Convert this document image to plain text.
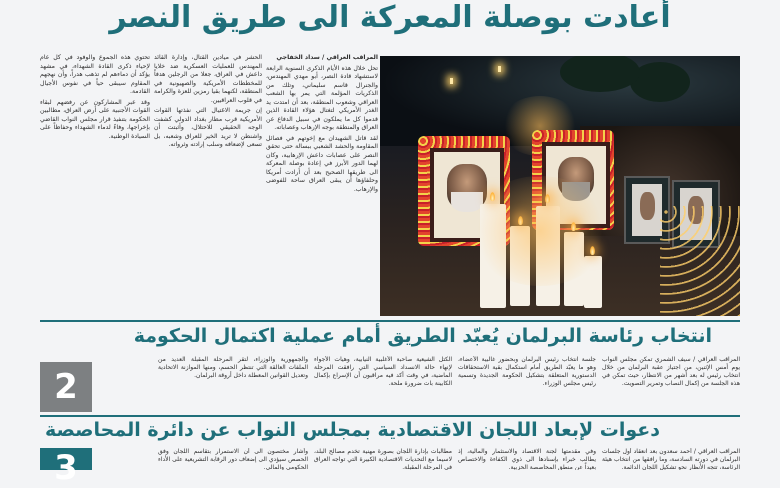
أعادت بوصلة المعركة الى طريق النصر

المراقب العراقي / سداد الخفاجي

تحل خلال هذه الأيام الذكرى السنوية الرابعة لاستشهاد قادة النصر، أبو مهدي المهندس، والجنرال قاسم سليماني، وتلك من الذكريات المؤلمة التي يمر بها الشعب العراقي وشعوب المنطقة، بعد أن امتدت يد الغدر الأمريكي لتغتال هؤلاء القادة الذين قدموا كل ما يملكون في سبيل الدفاع عن العراق والمنطقة بوجه الإرهاب وعصاباته.

لقد قاتل الشهيدان مع إخوتهم في فصائل المقاومة والحشد الشعبي ببسالة حتى تحقق النصر على عصابات داعش الإرهابية، وكان لهما الدور الأبرز في إعادة بوصلة المعركة الى طريقها الصحيح بعد أن أرادت أمريكا وحلفاؤها أن يبقى العراق ساحة للفوضى والإرهاب.

الحشر في ميادين القتال، وإدارة القائد المهندس للعمليات العسكرية ضد خلايا داعش في العراق، جعلا من الرجلين هدفاً للمخططات الأمريكية والصهيونية في المنطقة، لكنهما بقيا رمزين للعزة والكرامة في قلوب العراقيين.

إن جريمة الاغتيال التي نفذتها القوات الأمريكية قرب مطار بغداد الدولي كشفت الوجه الحقيقي للاحتلال، وأثبتت أن واشنطن لا تريد الخير للعراق وشعبه، بل تسعى لإضعافه وسلب إرادته وثرواته.

تحتوي هذه الجموع والوفود في كل عام لإحياء ذكرى القادة الشهداء، في مشهد يؤكد أن دماءهم لم تذهب هدراً، وأن نهجهم المقاوم سيبقى حياً في نفوس الأجيال القادمة.

وقد عبر المشاركون عن رفضهم لبقاء القوات الأجنبية على أرض العراق، مطالبين الحكومة بتنفيذ قرار مجلس النواب القاضي بإخراجها، وفاءً لدماء الشهداء وحفاظاً على السيادة الوطنية.

انتخاب رئاسة البرلمان يُعبّد الطريق أمام عملية اكتمال الحكومة
2

المراقب العراقي / سيف الشمري تمكن مجلس النواب يوم أمس الإثنين، من اجتياز عقبة البرلمان من خلال انتخاب رئيس له بعد أشهر من الانتظار، حيث تمكن في هذه الجلسة من إكمال النصاب وتمرير التصويت.

جلسة انتخاب رئيس البرلمان وبحضور غالبية الأعضاء، وهو ما يعبّد الطريق أمام استكمال بقية الاستحقاقات الدستورية المتعلقة بتشكيل الحكومة الجديدة وتسمية رئيس مجلس الوزراء.

الكتل الشيعية صاحبة الأغلبية النيابية، وهيأت الأجواء لإنهاء حالة الانسداد السياسي التي رافقت المرحلة الماضية، في وقت أكد فيه مراقبون أن الإسراع بإكمال الكابينة بات ضرورة ملحة.

والجمهورية والوزراء، لتقر المرحلة المقبلة العديد من الملفات العالقة التي تنتظر الحسم، ومنها الموازنة الاتحادية وتعديل القوانين المعطلة داخل أروقة البرلمان.

دعوات لإبعاد اللجان الاقتصادية بمجلس النواب عن دائرة المحاصصة
3	المراقب العراقي / أحمد سعدون بعد انعقاد أول جلسات البرلمان في دورته السادسة، وما رافقها من انتخاب هيئة الرئاسة، تتجه الأنظار نحو تشكيل اللجان الدائمة.

وفي مقدمتها لجنة الاقتصاد والاستثمار والمالية، إذ يطالب خبراء بإسنادها الى ذوي الكفاءة والاختصاص بعيداً عن منطق المحاصصة الحزبية.

مطالبات بإدارة اللجان بصورة مهنية تخدم مصالح البلد، لاسيما مع التحديات الاقتصادية الكبيرة التي تواجه العراق في المرحلة المقبلة.

وأشار مختصون الى أن الاستمرار بتقاسم اللجان وفق الحصص سيؤدي الى إضعاف دور الرقابة التشريعية على الأداء الحكومي والمالي.
